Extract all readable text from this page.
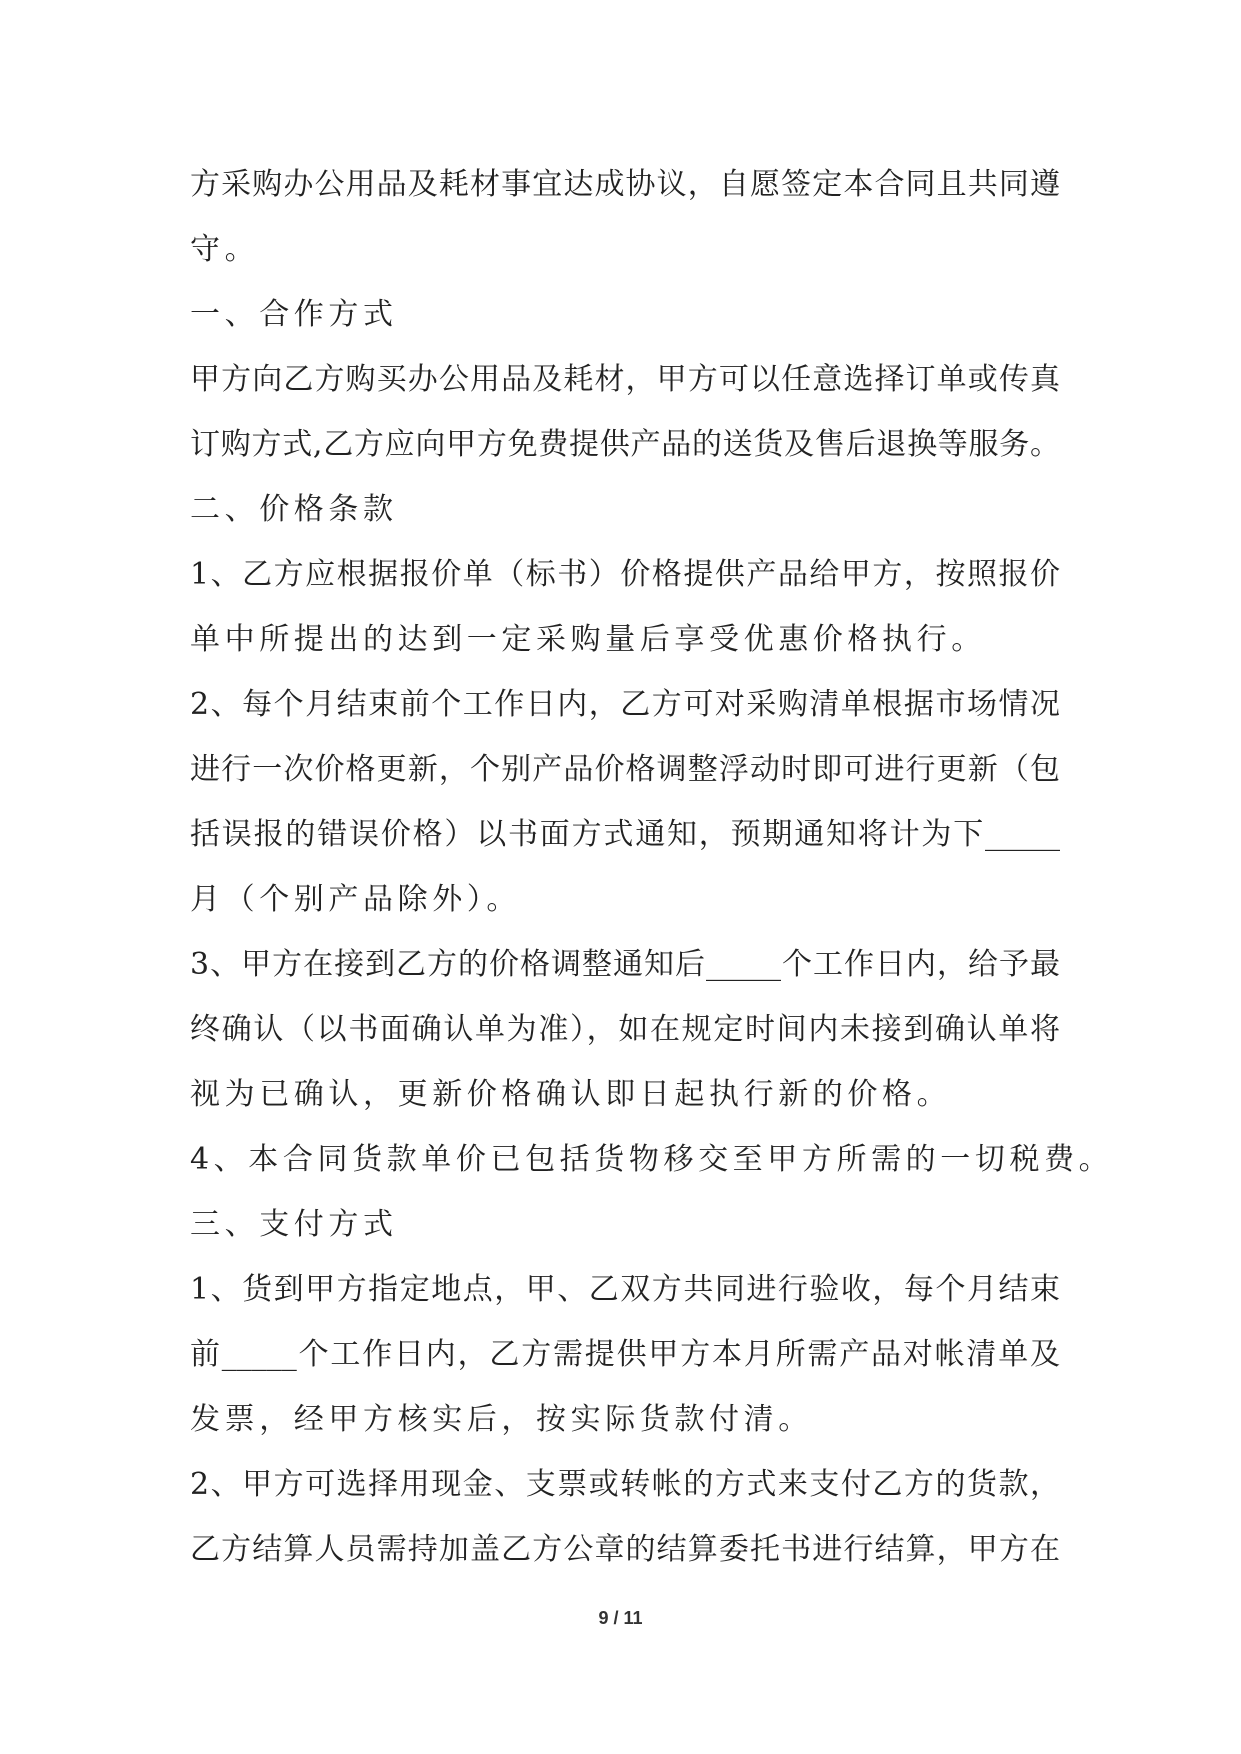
方采购办公用品及耗材事宜达成协议，自愿签定本合同且共同遵
守。
一、合作方式
甲方向乙方购买办公用品及耗材，甲方可以任意选择订单或传真
订购方式,乙方应向甲方免费提供产品的送货及售后退换等服务。
二、价格条款
1、乙方应根据报价单（标书）价格提供产品给甲方，按照报价
单中所提出的达到一定采购量后享受优惠价格执行。
2、每个月结束前个工作日内，乙方可对采购清单根据市场情况
进行一次价格更新，个别产品价格调整浮动时即可进行更新（包
括误报的错误价格）以书面方式通知，预期通知将计为下_____
月（个别产品除外）。
3、甲方在接到乙方的价格调整通知后_____个工作日内，给予最
终确认（以书面确认单为准），如在规定时间内未接到确认单将
视为已确认，更新价格确认即日起执行新的价格。
4、本合同货款单价已包括货物移交至甲方所需的一切税费。
三、支付方式
1、货到甲方指定地点，甲、乙双方共同进行验收，每个月结束
前_____个工作日内，乙方需提供甲方本月所需产品对帐清单及
发票，经甲方核实后，按实际货款付清。
2、甲方可选择用现金、支票或转帐的方式来支付乙方的货款，
乙方结算人员需持加盖乙方公章的结算委托书进行结算，甲方在
9 / 11
